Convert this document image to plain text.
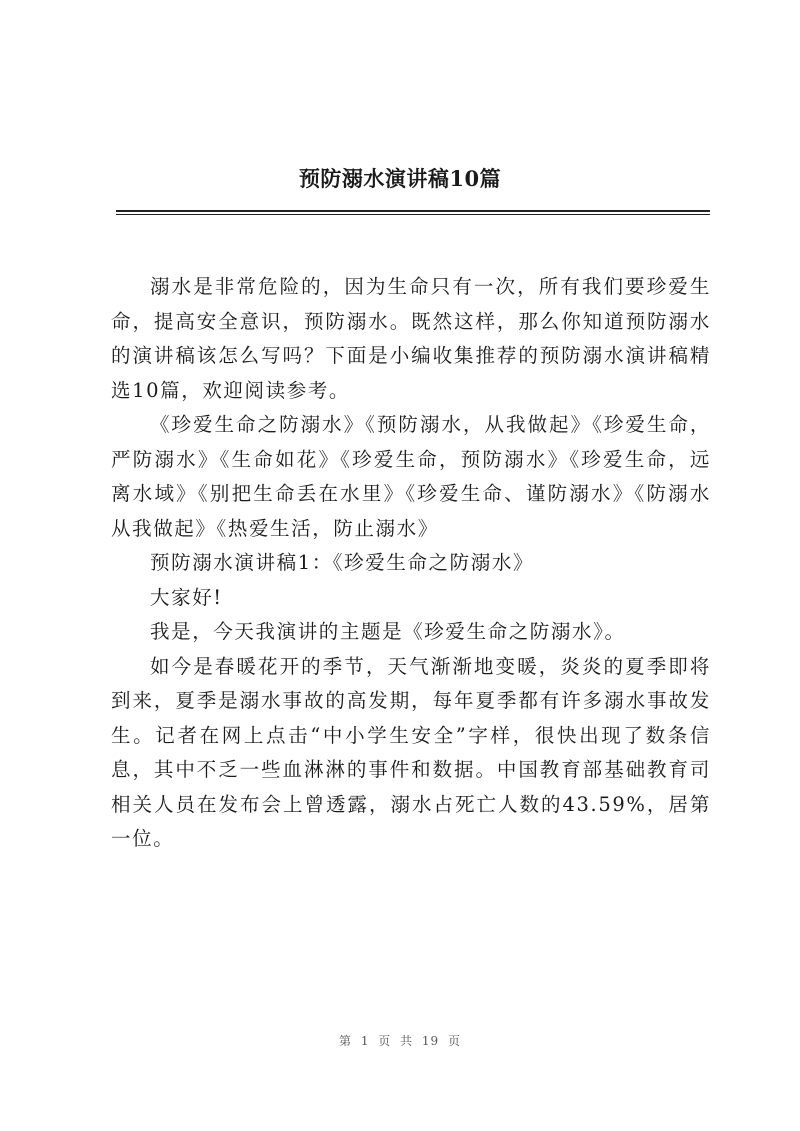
预防溺水演讲稿10篇

溺水是非常危险的，因为生命只有一次，所有我们要珍爱生命，提高安全意识，预防溺水。既然这样，那么你知道预防溺水的演讲稿该怎么写吗？下面是小编收集推荐的预防溺水演讲稿精选10篇，欢迎阅读参考。

《珍爱生命之防溺水》《预防溺水，从我做起》《珍爱生命，严防溺水》《生命如花》《珍爱生命，预防溺水》《珍爱生命，远离水域》《别把生命丢在水里》《珍爱生命、谨防溺水》《防溺水从我做起》《热爱生活，防止溺水》

预防溺水演讲稿1：《珍爱生命之防溺水》

大家好!

我是，今天我演讲的主题是《珍爱生命之防溺水》。

如今是春暖花开的季节，天气渐渐地变暖，炎炎的夏季即将到来，夏季是溺水事故的高发期，每年夏季都有许多溺水事故发生。记者在网上点击“中小学生安全”字样，很快出现了数条信息，其中不乏一些血淋淋的事件和数据。中国教育部基础教育司相关人员在发布会上曾透露，溺水占死亡人数的43.59%，居第一位。

第 1 页 共 19 页
